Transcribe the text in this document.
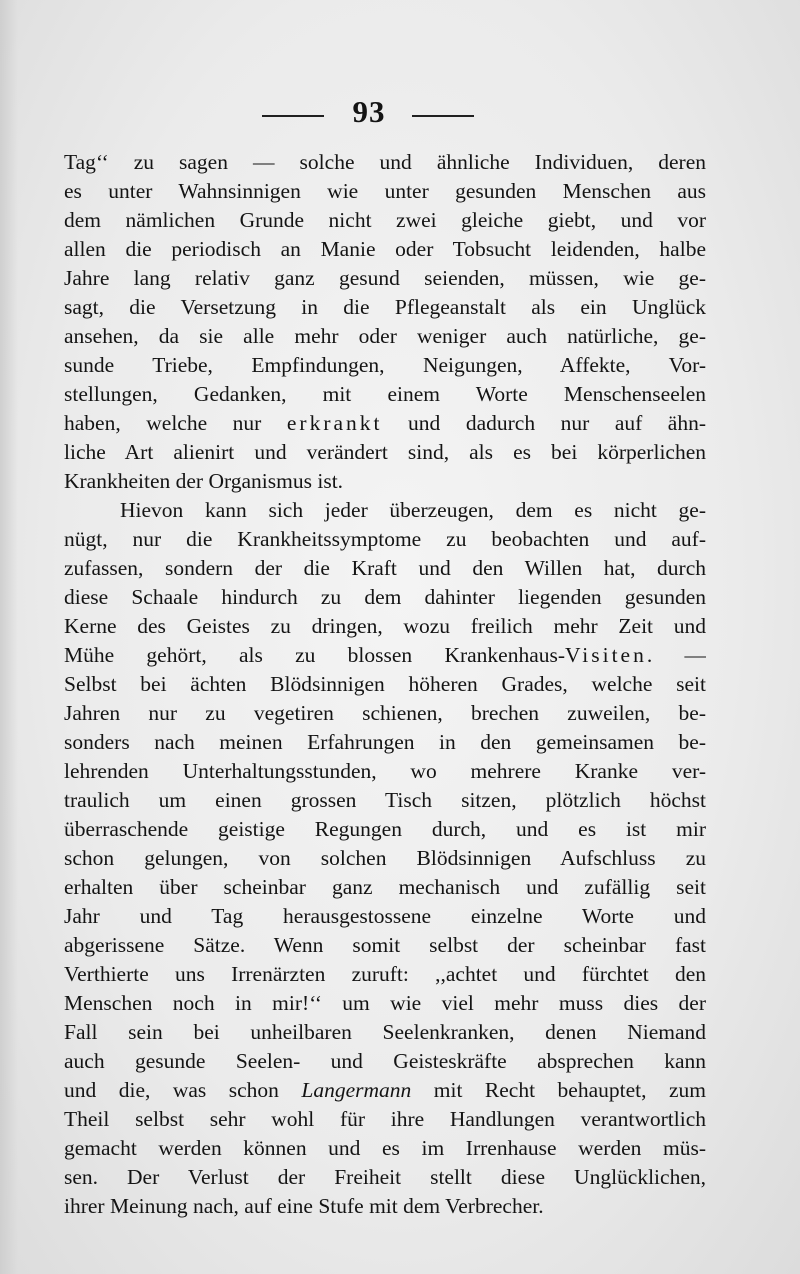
93
Tag‘‘ zu sagen — solche und ähnliche Individuen, deren
es unter Wahnsinnigen wie unter gesunden Menschen aus
dem nämlichen Grunde nicht zwei gleiche giebt, und vor
allen die periodisch an Manie oder Tobsucht leidenden, halbe
Jahre lang relativ ganz gesund seienden, müssen, wie ge-
sagt, die Versetzung in die Pflegeanstalt als ein Unglück
ansehen, da sie alle mehr oder weniger auch natürliche, ge-
sunde Triebe, Empfindungen, Neigungen, Affekte, Vor-
stellungen, Gedanken, mit einem Worte Menschenseelen
haben, welche nur erkrankt und dadurch nur auf ähn-
liche Art alienirt und verändert sind, als es bei körperlichen
Krankheiten der Organismus ist.
Hievon kann sich jeder überzeugen, dem es nicht ge-
nügt, nur die Krankheitssymptome zu beobachten und auf-
zufassen, sondern der die Kraft und den Willen hat, durch
diese Schaale hindurch zu dem dahinter liegenden gesunden
Kerne des Geistes zu dringen, wozu freilich mehr Zeit und
Mühe gehört, als zu blossen Krankenhaus-Visiten. —
Selbst bei ächten Blödsinnigen höheren Grades, welche seit
Jahren nur zu vegetiren schienen, brechen zuweilen, be-
sonders nach meinen Erfahrungen in den gemeinsamen be-
lehrenden Unterhaltungsstunden, wo mehrere Kranke ver-
traulich um einen grossen Tisch sitzen, plötzlich höchst
überraschende geistige Regungen durch, und es ist mir
schon gelungen, von solchen Blödsinnigen Aufschluss zu
erhalten über scheinbar ganz mechanisch und zufällig seit
Jahr und Tag herausgestossene einzelne Worte und
abgerissene Sätze. Wenn somit selbst der scheinbar fast
Verthierte uns Irrenärzten zuruft: ,,achtet und fürchtet den
Menschen noch in mir!‘‘ um wie viel mehr muss dies der
Fall sein bei unheilbaren Seelenkranken, denen Niemand
auch gesunde Seelen- und Geisteskräfte absprechen kann
und die, was schon Langermann mit Recht behauptet, zum
Theil selbst sehr wohl für ihre Handlungen verantwortlich
gemacht werden können und es im Irrenhause werden müs-
sen. Der Verlust der Freiheit stellt diese Unglücklichen,
ihrer Meinung nach, auf eine Stufe mit dem Verbrecher.
